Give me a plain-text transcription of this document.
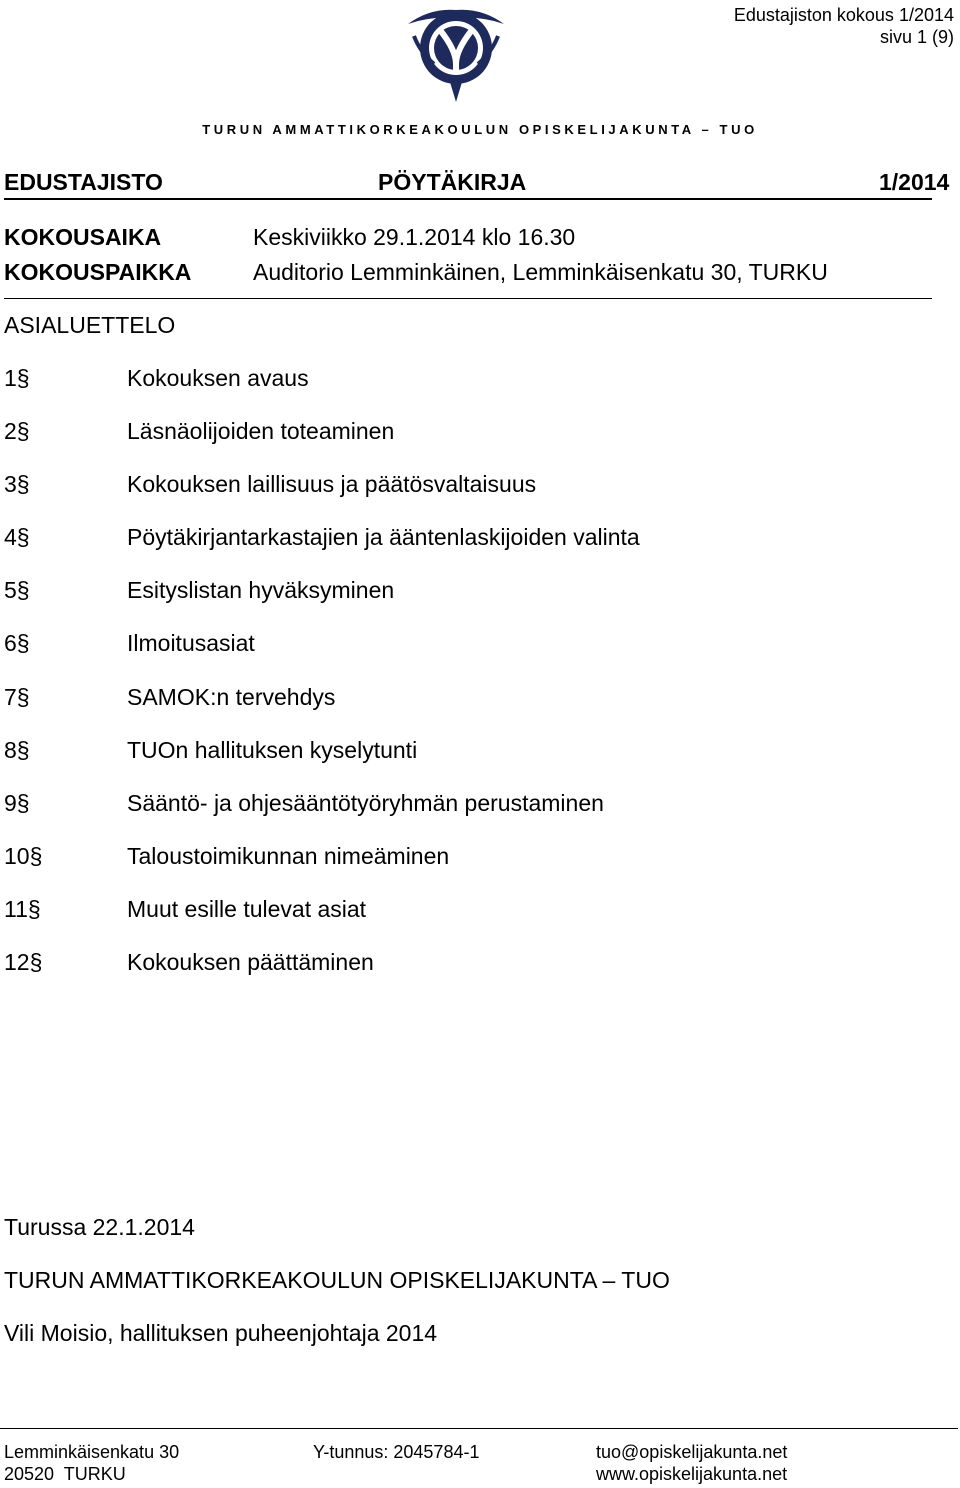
Edustajiston kokous 1/2014
sivu 1 (9)
TURUN AMMATTIKORKEAKOULUN OPISKELIJAKUNTA – TUO
EDUSTAJISTO	PÖYTÄKIRJA	1/2014
KOKOUSAIKA	Keskiviikko 29.1.2014 klo 16.30
KOKOUSPAIKKA	Auditorio Lemminkäinen, Lemminkäisenkatu 30, TURKU
ASIALUETTELO
1§	Kokouksen avaus
2§	Läsnäolijoiden toteaminen
3§	Kokouksen laillisuus ja päätösvaltaisuus
4§	Pöytäkirjantarkastajien ja ääntenlaskijoiden valinta
5§	Esityslistan hyväksyminen
6§	Ilmoitusasiat
7§	SAMOK:n tervehdys
8§	TUOn hallituksen kyselytunti
9§	Sääntö- ja ohjesääntötyöryhmän perustaminen
10§	Taloustoimikunnan nimeäminen
11§	Muut esille tulevat asiat
12§	Kokouksen päättäminen
Turussa 22.1.2014
TURUN AMMATTIKORKEAKOULUN OPISKELIJAKUNTA – TUO
Vili Moisio, hallituksen puheenjohtaja 2014
Lemminkäisenkatu 30
20520  TURKU
Y-tunnus: 2045784-1	tuo@opiskelijakunta.net
www.opiskelijakunta.net
